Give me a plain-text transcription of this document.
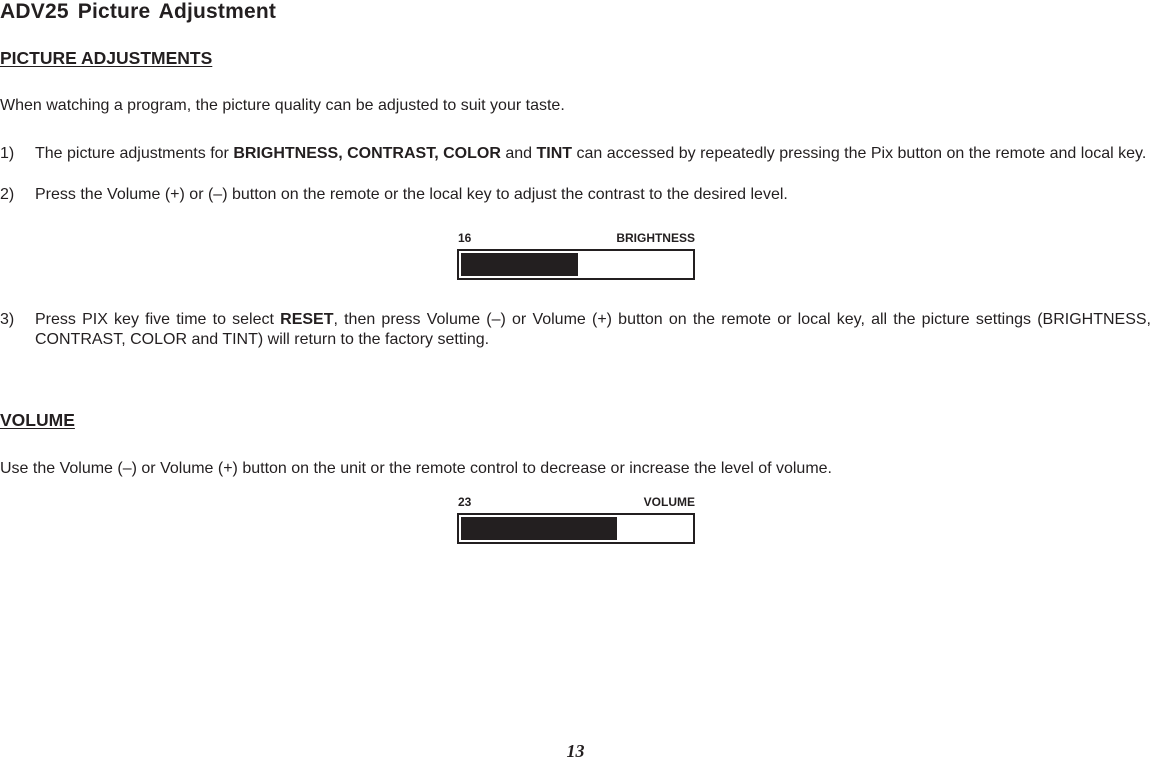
ADV25 Picture Adjustment
PICTURE ADJUSTMENTS
When watching a program, the picture quality can be adjusted to suit your taste.
1) The picture adjustments for BRIGHTNESS, CONTRAST, COLOR and TINT can accessed by repeatedly pressing the Pix button on the remote and local key.
2) Press the Volume (+) or (–) button on the remote or the local key to adjust the contrast to the desired level.
16	BRIGHTNESS
3) Press PIX key five time to select RESET, then press Volume (–) or Volume (+) button on the remote or local key, all the picture settings (BRIGHTNESS, CONTRAST, COLOR and TINT) will return to the factory setting.
VOLUME
Use the Volume (–) or Volume (+) button on the unit or the remote control to decrease or increase the level of volume.
23	VOLUME
13
